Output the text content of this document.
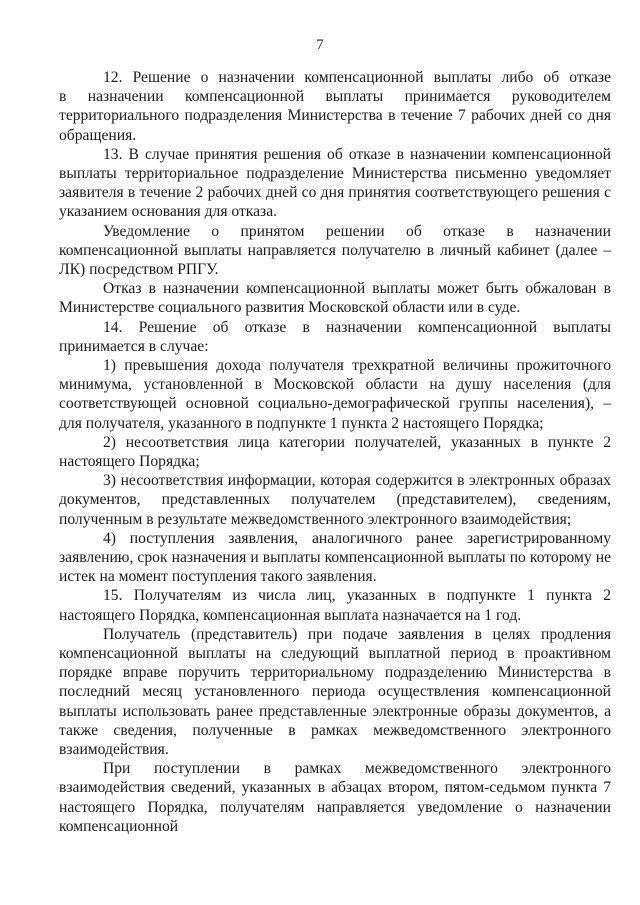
7
12. Решение о назначении компенсационной выплаты либо об отказе
в назначении компенсационной выплаты принимается руководителем
территориального подразделения Министерства в течение 7 рабочих дней со дня
обращения.

13. В случае принятия решения об отказе в назначении компенсационной выплаты территориальное подразделение Министерства письменно уведомляет заявителя в течение 2 рабочих дней со дня принятия соответствующего решения с указанием основания для отказа.

Уведомление о принятом решении об отказе в назначении компенсационной выплаты направляется получателю в личный кабинет (далее – ЛК) посредством РПГУ.

Отказ в назначении компенсационной выплаты может быть обжалован в Министерстве социального развития Московской области или в суде.

14. Решение об отказе в назначении компенсационной выплаты принимается в случае:

1) превышения дохода получателя трехкратной величины прожиточного минимума, установленной в Московской области на душу населения (для соответствующей основной социально-демографической группы населения), – для получателя, указанного в подпункте 1 пункта 2 настоящего Порядка;

2) несоответствия лица категории получателей, указанных в пункте 2 настоящего Порядка;

3) несоответствия информации, которая содержится в электронных образах документов, представленных получателем (представителем), сведениям, полученным в результате межведомственного электронного взаимодействия;

4) поступления заявления, аналогичного ранее зарегистрированному заявлению, срок назначения и выплаты компенсационной выплаты по которому не истек на момент поступления такого заявления.

15. Получателям из числа лиц, указанных в подпункте 1 пункта 2 настоящего Порядка, компенсационная выплата назначается на 1 год.

Получатель (представитель) при подаче заявления в целях продления компенсационной выплаты на следующий выплатной период в проактивном порядке вправе поручить территориальному подразделению Министерства в последний месяц установленного периода осуществления компенсационной выплаты использовать ранее представленные электронные образы документов, а также сведения, полученные в рамках межведомственного электронного взаимодействия.

При поступлении в рамках межведомственного электронного взаимодействия сведений, указанных в абзацах втором, пятом-седьмом пункта 7 настоящего Порядка, получателям направляется уведомление о назначении компенсационной
